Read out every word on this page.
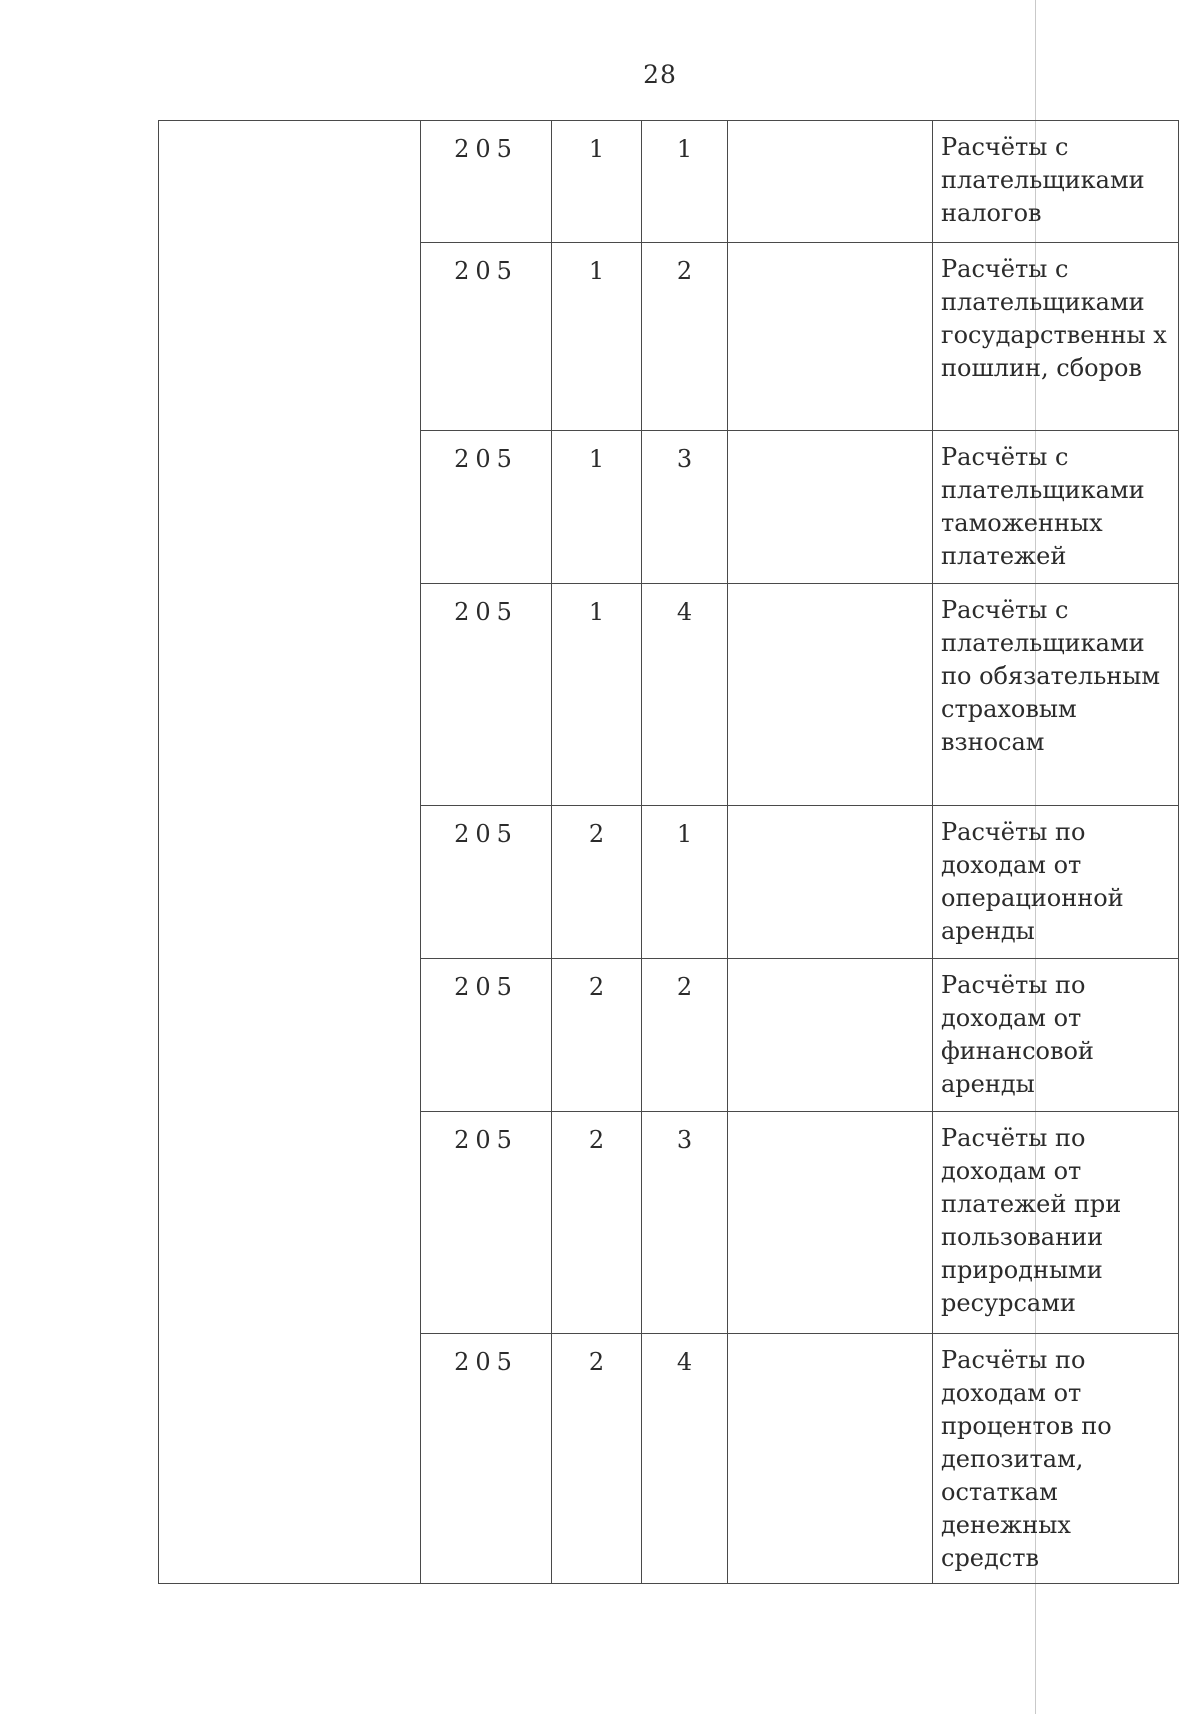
28
	205	1	1		Расчёты с плательщиками налогов
	205	1	2		Расчёты с плательщиками государственны х пошлин, сборов
	205	1	3		Расчёты с плательщиками таможенных платежей
	205	1	4		Расчёты с плательщиками по обязательным страховым взносам
	205	2	1		Расчёты по доходам от операционной аренды
	205	2	2		Расчёты по доходам от финансовой аренды
	205	2	3		Расчёты по доходам от платежей при пользовании природными ресурсами
	205	2	4		Расчёты по доходам от процентов по депозитам, остаткам денежных средств
